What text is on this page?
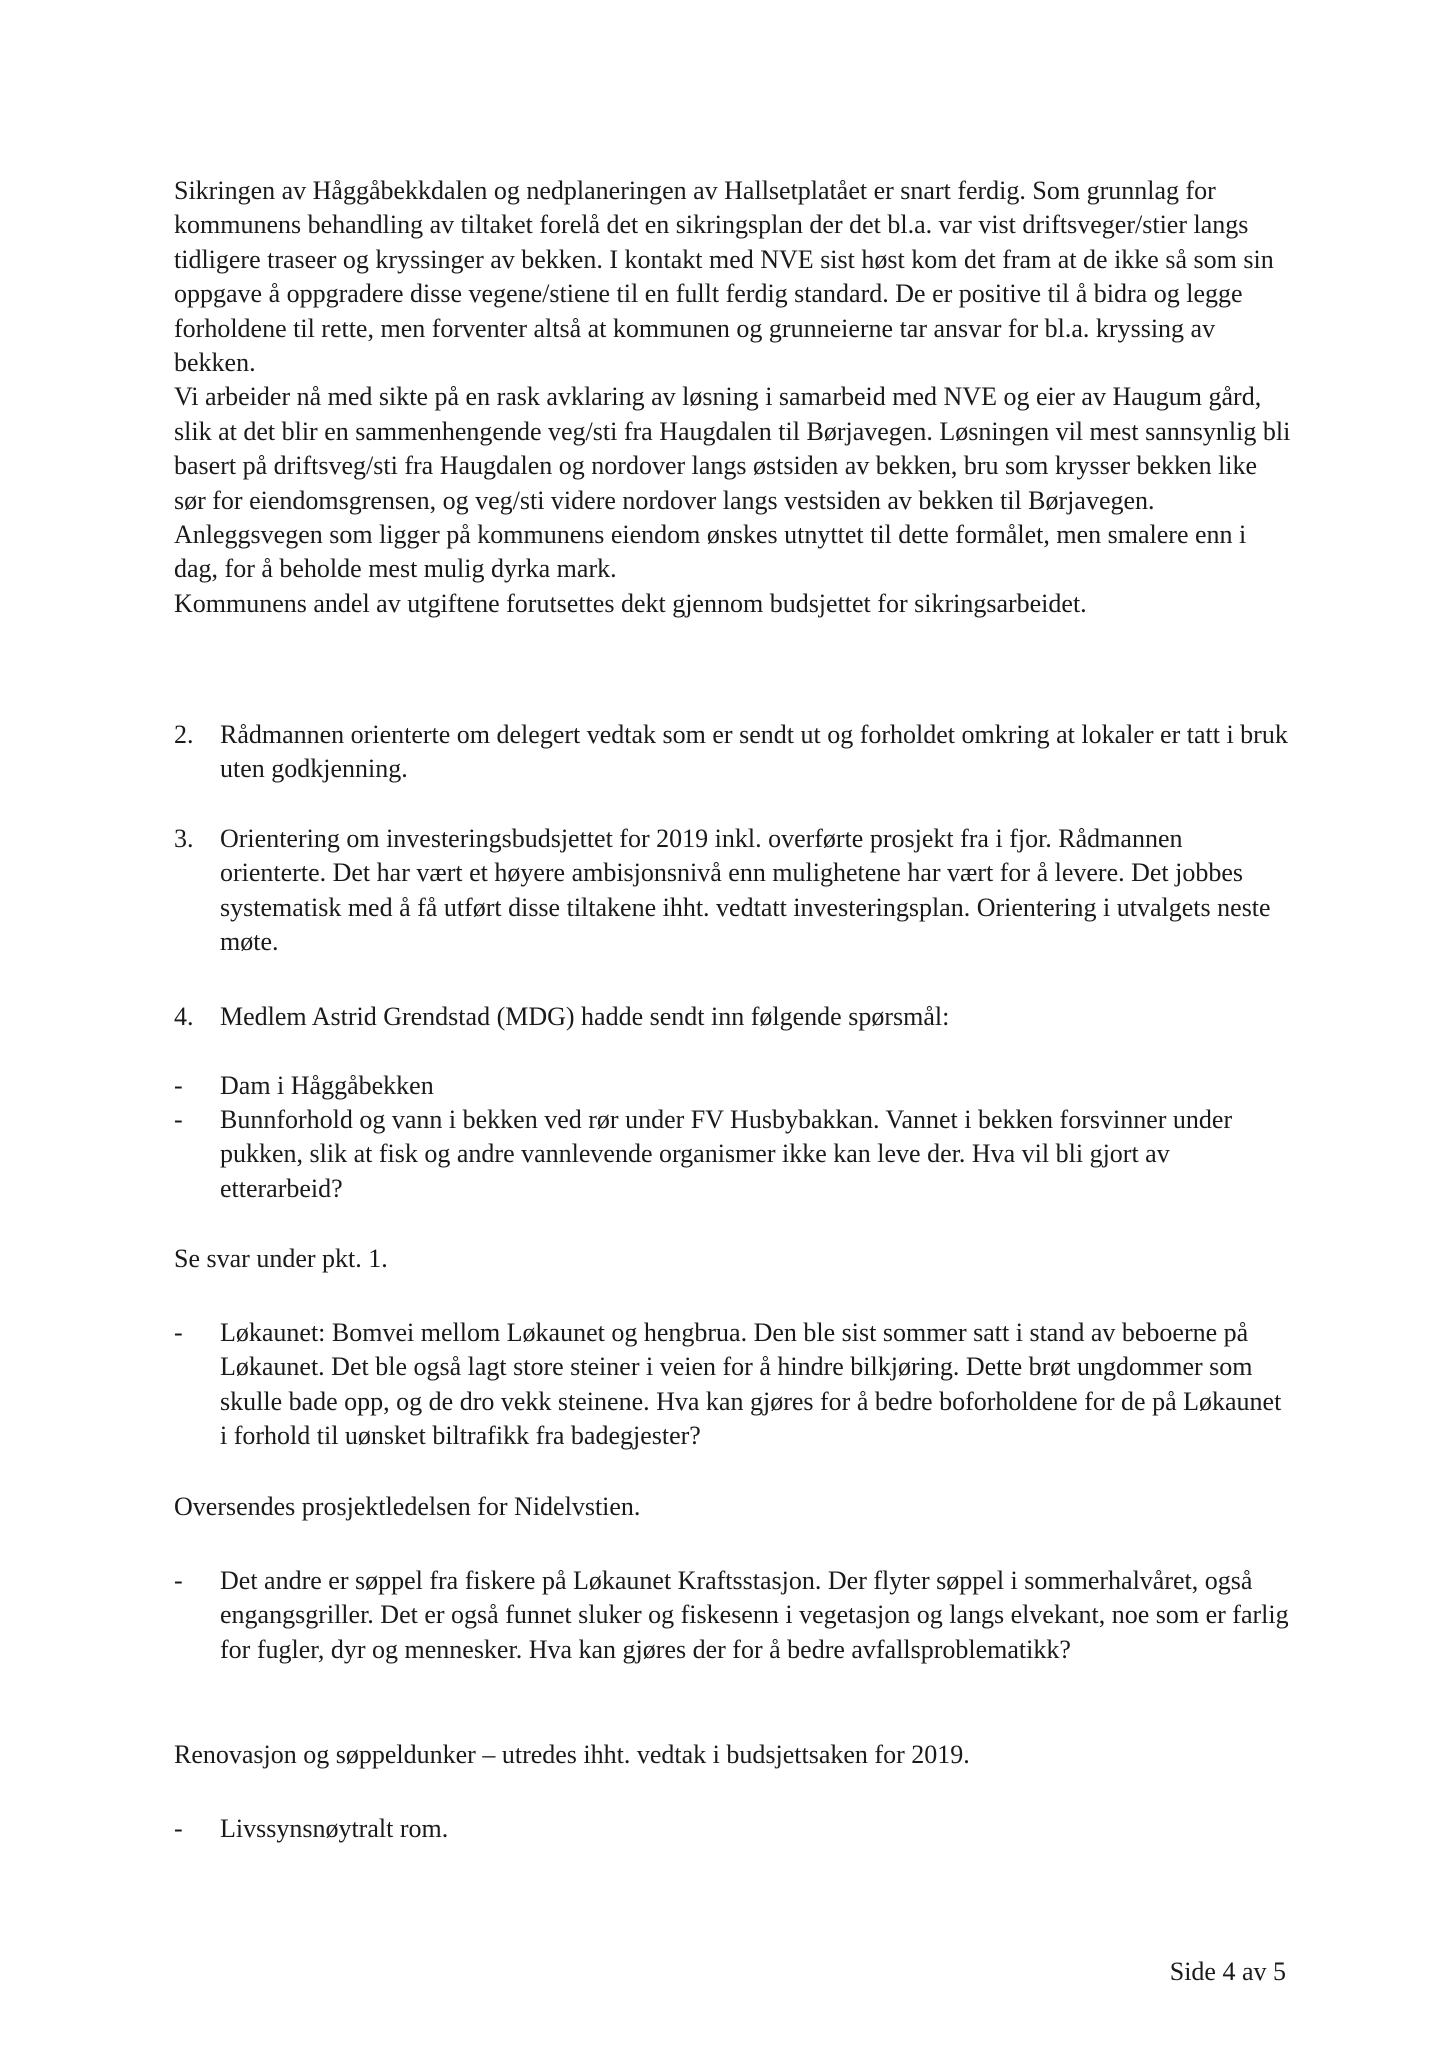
Sikringen av Håggåbekkdalen og nedplaneringen av Hallsetplatået er snart ferdig. Som grunnlag for kommunens behandling av tiltaket forelå det en sikringsplan der det bl.a. var vist driftsveger/stier langs tidligere traseer og kryssinger av bekken. I kontakt med NVE sist høst kom det fram at de ikke så som sin oppgave å oppgradere disse vegene/stiene til en fullt ferdig standard. De er positive til å bidra og legge forholdene til rette, men forventer altså at kommunen og grunneierne tar ansvar for bl.a. kryssing av bekken.

Vi arbeider nå med sikte på en rask avklaring av løsning i samarbeid med NVE og eier av Haugum gård, slik at det blir en sammenhengende veg/sti fra Haugdalen til Børjavegen. Løsningen vil mest sannsynlig bli basert på driftsveg/sti fra Haugdalen og nordover langs østsiden av bekken, bru som krysser bekken like sør for eiendomsgrensen, og veg/sti videre nordover langs vestsiden av bekken til Børjavegen. Anleggsvegen som ligger på kommunens eiendom ønskes utnyttet til dette formålet, men smalere enn i dag, for å beholde mest mulig dyrka mark.

Kommunens andel av utgiftene forutsettes dekt gjennom budsjettet for sikringsarbeidet.

2. Rådmannen orienterte om delegert vedtak som er sendt ut og forholdet omkring at lokaler er tatt i bruk uten godkjenning.

3. Orientering om investeringsbudsjettet for 2019 inkl. overførte prosjekt fra i fjor. Rådmannen orienterte. Det har vært et høyere ambisjonsnivå enn mulighetene har vært for å levere. Det jobbes systematisk med å få utført disse tiltakene ihht. vedtatt investeringsplan. Orientering i utvalgets neste møte.

4. Medlem Astrid Grendstad (MDG) hadde sendt inn følgende spørsmål:

- Dam i Håggåbekken

- Bunnforhold og vann i bekken ved rør under FV Husbybakkan. Vannet i bekken forsvinner under pukken, slik at fisk og andre vannlevende organismer ikke kan leve der. Hva vil bli gjort av etterarbeid?

Se svar under pkt. 1.

- Løkaunet: Bomvei mellom Løkaunet og hengbrua. Den ble sist sommer satt i stand av beboerne på Løkaunet. Det ble også lagt store steiner i veien for å hindre bilkjøring. Dette brøt ungdommer som skulle bade opp, og de dro vekk steinene. Hva kan gjøres for å bedre boforholdene for de på Løkaunet i forhold til uønsket biltrafikk fra badegjester?

Oversendes prosjektledelsen for Nidelvstien.

- Det andre er søppel fra fiskere på Løkaunet Kraftsstasjon. Der flyter søppel i sommerhalvåret, også engangsgriller. Det er også funnet sluker og fiskesenn i vegetasjon og langs elvekant, noe som er farlig for fugler, dyr og mennesker. Hva kan gjøres der for å bedre avfallsproblematikk?

Renovasjon og søppeldunker – utredes ihht. vedtak i budsjettsaken for 2019.

- Livssynsnøytralt rom.

Side 4 av 5
